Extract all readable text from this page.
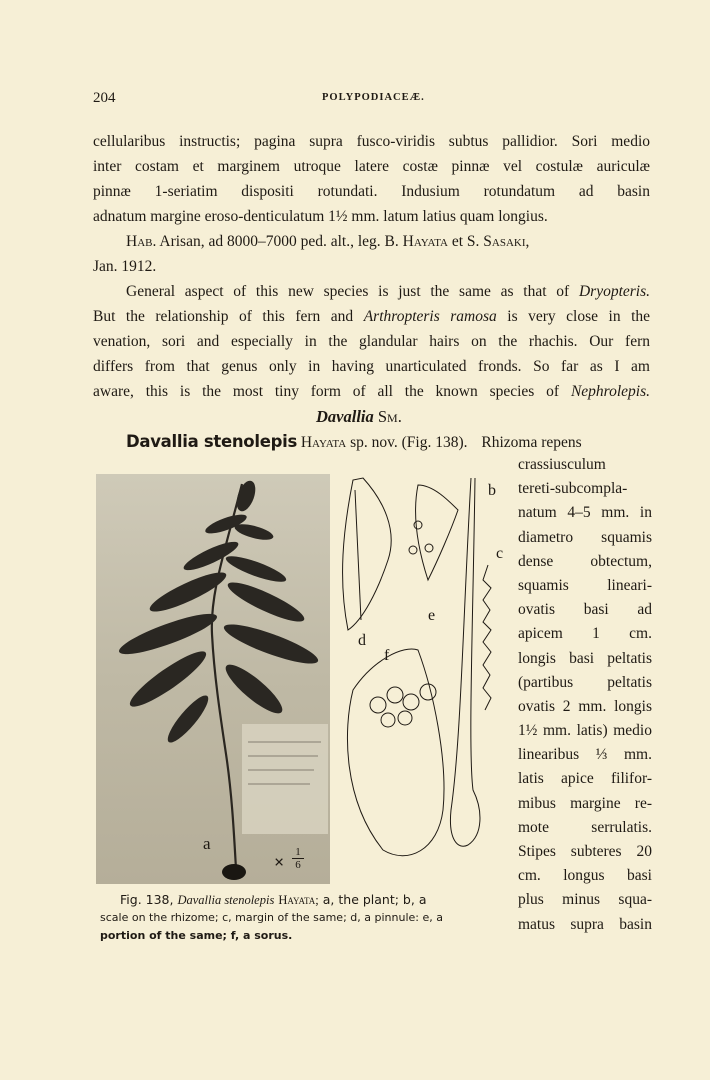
204	POLYPODIACEÆ.
cellularibus instructis; pagina supra fusco-viridis subtus pallidior. Sori medio
inter costam et marginem utroque latere costæ pinnæ vel costulæ auriculæ
pinnæ 1-seriatim dispositi rotundati. Indusium rotundatum ad basin
adnatum margine eroso-denticulatum 1½ mm. latum latius quam longius.
Hab. Arisan, ad 8000–7000 ped. alt., leg. B. Hayata et S. Sasaki,
Jan. 1912.
General aspect of this new species is just the same as that of Dryopteris.
But the relationship of this fern and Arthropteris ramosa is very close in the
venation, sori and especially in the glandular hairs on the rhachis. Our fern
differs from that genus only in having unarticulated fronds. So far as I am
aware, this is the most tiny form of all the known species of Nephrolepis.
Davallia Sm.
Davallia stenolepis Hayata sp. nov. (Fig. 138). Rhizoma repens
crassiusculum
tereti-subcompla-
natum 4–5 mm. in
diametro squamis
dense obtectum,
squamis lineari-
ovatis basi ad
apicem 1 cm.
longis basi peltatis
(partibus peltatis
ovatis 2 mm. longis
1½ mm. latis) medio
linearibus ⅓ mm.
latis apice filifor-
mibus margine re-
mote serrulatis.
Stipes subteres 20
cm. longus basi
plus minus squa-
matus supra basin
a
× $\frac{1}{6}$
b
c
d
e
f
Fig. 138, Davallia stenolepis Hayata; a, the plant; b, a
scale on the rhizome; c, margin of the same; d, a pinnule: e, a
portion of the same; f, a sorus.
